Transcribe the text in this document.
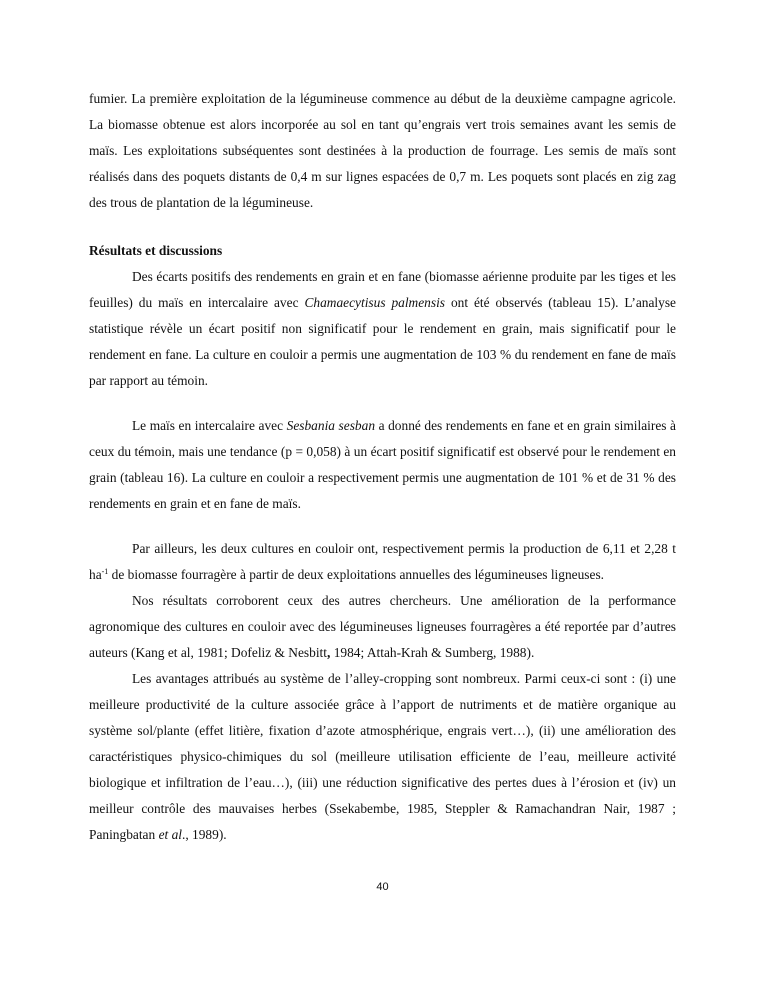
fumier. La première exploitation de la légumineuse commence au début de la deuxième campagne agricole. La biomasse obtenue est alors incorporée au sol en tant qu’engrais vert trois semaines avant les semis de maïs. Les exploitations subséquentes sont destinées à la production de fourrage. Les semis de maïs sont réalisés dans des poquets distants de 0,4 m sur lignes espacées de 0,7 m. Les poquets sont placés en zig zag des trous de plantation de la légumineuse.

Résultats et discussions

Des écarts positifs des rendements en grain et en fane (biomasse aérienne produite par les tiges et les feuilles) du maïs en intercalaire avec Chamaecytisus palmensis ont été observés (tableau 15). L’analyse statistique révèle un écart positif non significatif pour le rendement en grain, mais significatif pour le rendement en fane. La culture en couloir a permis une augmentation de 103 % du rendement en fane de maïs par rapport au témoin.

Le maïs en intercalaire avec Sesbania sesban a donné des rendements en fane et en grain similaires à ceux du témoin, mais une tendance (p = 0,058) à un écart positif significatif est observé pour le rendement en grain (tableau 16). La culture en couloir a respectivement permis une augmentation de 101 % et de 31 % des rendements en grain et en fane de maïs.

Par ailleurs, les deux cultures en couloir ont, respectivement permis la production de 6,11 et 2,28 t $ha^{-1}$ de biomasse fourragère à partir de deux exploitations annuelles des légumineuses ligneuses.

Nos résultats corroborent ceux des autres chercheurs. Une amélioration de la performance agronomique des cultures en couloir avec des légumineuses ligneuses fourragères a été reportée par d’autres auteurs (Kang et al, 1981; Dofeliz & Nesbitt, 1984; Attah-Krah & Sumberg, 1988).

Les avantages attribués au système de l’alley-cropping sont nombreux. Parmi ceux-ci sont : (i) une meilleure productivité de la culture associée grâce à l’apport de nutriments et de matière organique au système sol/plante (effet litière, fixation d’azote atmosphérique, engrais vert…), (ii) une amélioration des caractéristiques physico-chimiques du sol (meilleure utilisation efficiente de l’eau, meilleure activité biologique et infiltration de l’eau…), (iii) une réduction significative des pertes dues à l’érosion et (iv) un meilleur contrôle des mauvaises herbes (Ssekabembe, 1985, Steppler & Ramachandran Nair, 1987 ; Paningbatan et al., 1989).

40
